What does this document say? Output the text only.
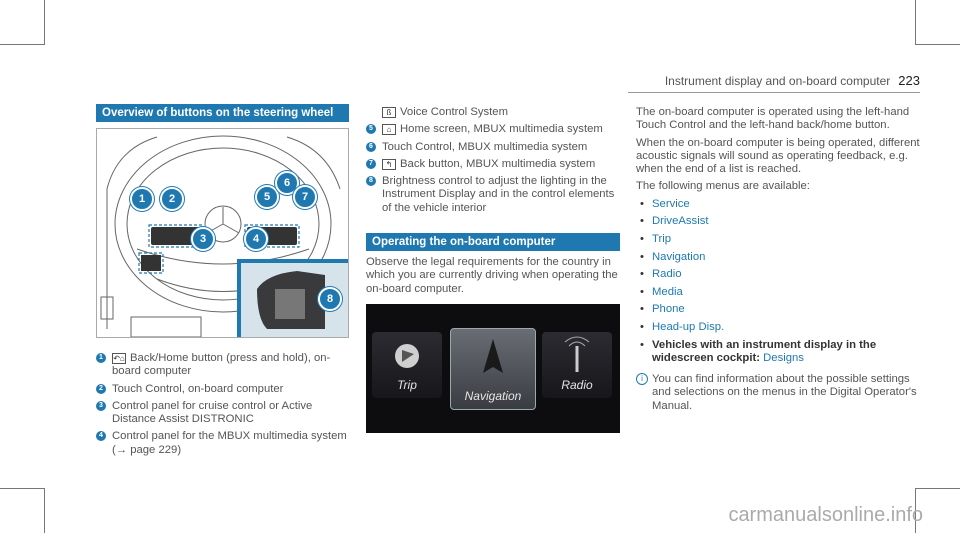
Instrument display and on-board computer 223
Overview of buttons on the steering wheel
1	2
3	4
5
6
7
8
1	↶⌂ Back/Home button (press and hold), on-board computer
2 Touch Control, on-board computer
3 Control panel for cruise control or Active Distance Assist DISTRONIC
4 Control panel for the MBUX multimedia system (→ page 229)
ß Voice Control System
5	⌂ Home screen, MBUX multimedia system
6 Touch Control, MBUX multimedia system
7	↰ Back button, MBUX multimedia system
8 Brightness control to adjust the lighting in the Instrument Display and in the control elements of the vehicle interior
Operating the on-board computer
Observe the legal requirements for the country in which you are currently driving when operating the on-board computer.
Trip
Navigation
Radio
The on-board computer is operated using the left-hand Touch Control and the left-hand back/home button.
When the on-board computer is being operated, different acoustic signals will sound as operating feedback, e.g. when the end of a list is reached.
The following menus are available:
• Service
• DriveAssist
• Trip
• Navigation
• Radio
• Media
• Phone
• Head-up Disp.
• Vehicles with an instrument display in the widescreen cockpit: Designs
i You can find information about the possible settings and selections on the menus in the Digital Operator's Manual.
carmanualsonline.info
